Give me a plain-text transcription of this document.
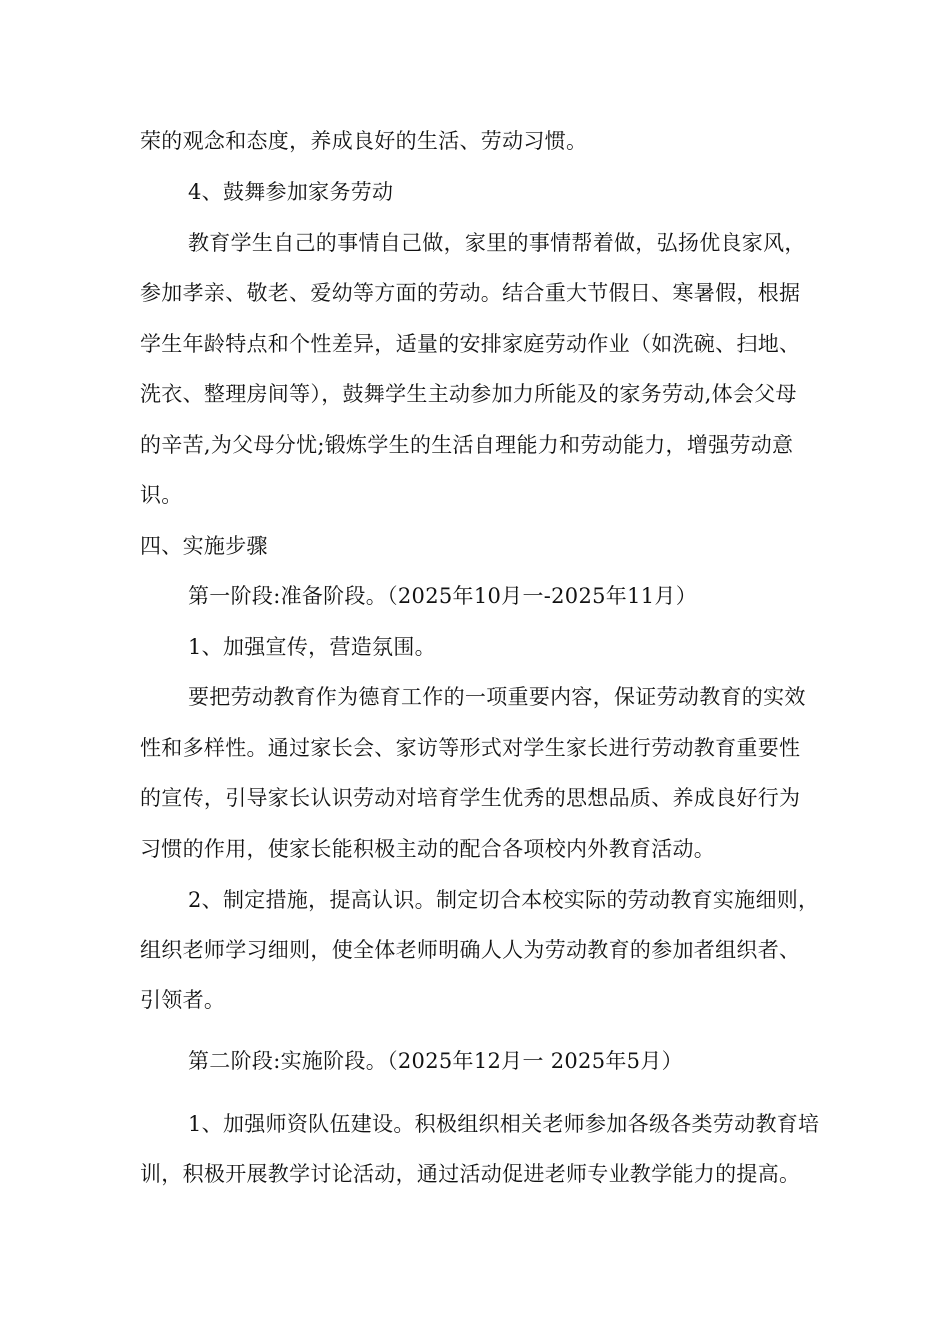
荣的观念和态度，养成良好的生活、劳动习惯。
4、鼓舞参加家务劳动
教育学生自己的事情自己做，家里的事情帮着做，弘扬优良家风，
参加孝亲、敬老、爱幼等方面的劳动。结合重大节假日、寒暑假，根据
学生年龄特点和个性差异，适量的安排家庭劳动作业（如洗碗、扫地、
洗衣、整理房间等），鼓舞学生主动参加力所能及的家务劳动,体会父母
的辛苦,为父母分忧;锻炼学生的生活自理能力和劳动能力，增强劳动意
识。
四、实施步骤
第一阶段:准备阶段。（2025年10月一-2025年11月）
1、加强宣传，营造氛围。
要把劳动教育作为德育工作的一项重要内容，保证劳动教育的实效
性和多样性。通过家长会、家访等形式对学生家长进行劳动教育重要性
的宣传，引导家长认识劳动对培育学生优秀的思想品质、养成良好行为
习惯的作用，使家长能积极主动的配合各项校内外教育活动。
2、制定措施，提高认识。制定切合本校实际的劳动教育实施细则，
组织老师学习细则，使全体老师明确人人为劳动教育的参加者组织者、
引领者。
第二阶段:实施阶段。（2025年12月一 2025年5月）
1、加强师资队伍建设。积极组织相关老师参加各级各类劳动教育培
训，积极开展教学讨论活动，通过活动促进老师专业教学能力的提高。
